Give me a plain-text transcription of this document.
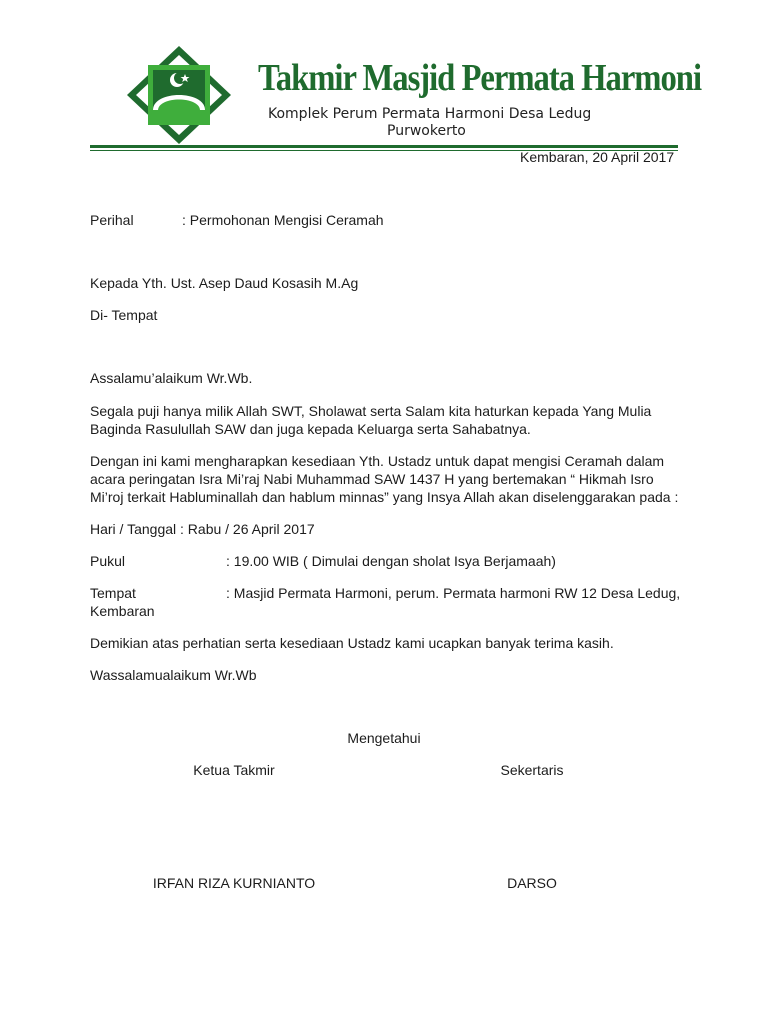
Takmir Masjid Permata Harmoni
Komplek Perum Permata Harmoni Desa Ledug
Purwokerto
Kembaran, 20 April 2017
Perihal	: Permohonan Mengisi Ceramah
Kepada Yth. Ust. Asep Daud Kosasih M.Ag
Di- Tempat
Assalamu’alaikum Wr.Wb.
Segala puji hanya milik Allah SWT, Sholawat serta Salam kita haturkan kepada Yang Mulia
Baginda Rasulullah SAW dan juga kepada Keluarga serta Sahabatnya.
Dengan ini kami mengharapkan kesediaan Yth. Ustadz untuk dapat mengisi Ceramah dalam
acara peringatan Isra Mi’raj Nabi Muhammad SAW 1437 H yang bertemakan “ Hikmah Isro
Mi’roj terkait Habluminallah dan hablum minnas” yang Insya Allah akan diselenggarakan pada :
Hari / Tanggal : Rabu / 26 April 2017
Pukul	: 19.00 WIB ( Dimulai dengan sholat Isya Berjamaah)
Tempat	: Masjid Permata Harmoni, perum. Permata harmoni RW 12 Desa Ledug,
Kembaran
Demikian atas perhatian serta kesediaan Ustadz kami ucapkan banyak terima kasih.
Wassalamualaikum Wr.Wb
Mengetahui
Ketua Takmir	Sekertaris
IRFAN RIZA KURNIANTO	DARSO
